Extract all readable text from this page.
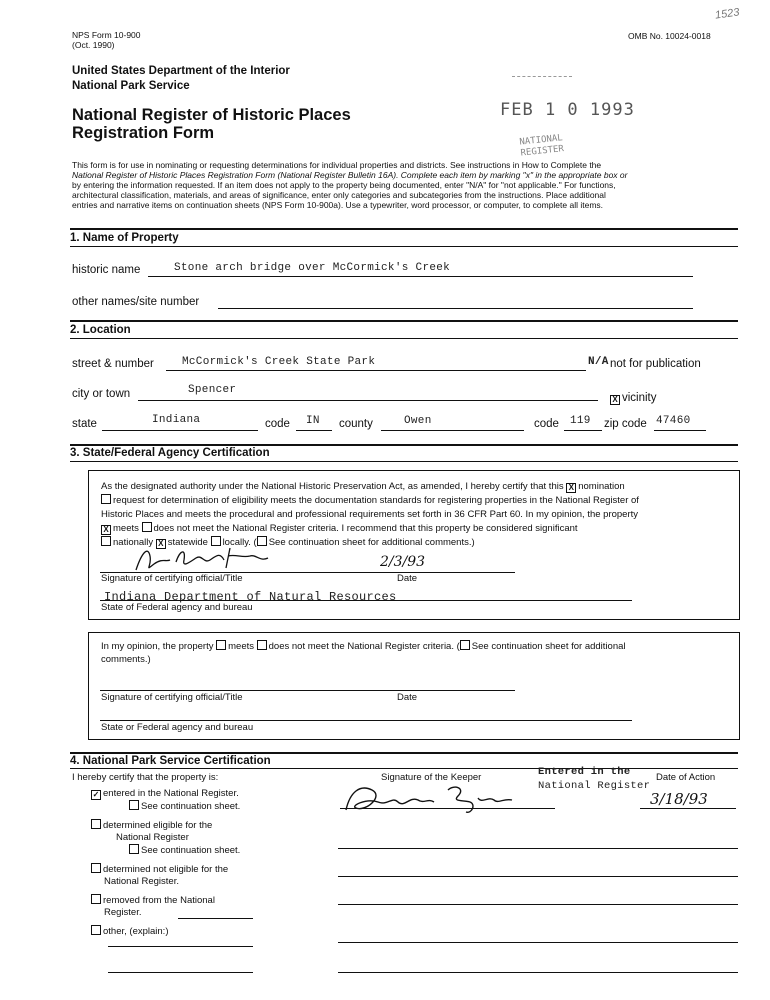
NPS Form 10-900
(Oct. 1990)
OMB No. 10024-0018
1523
United States Department of the Interior
National Park Service
National Register of Historic Places
Registration Form
FEB 1 0 1993
NATIONAL REGISTER
This form is for use in nominating or requesting determinations for individual properties and districts. See instructions in How to Complete the
National Register of Historic Places Registration Form (National Register Bulletin 16A). Complete each item by marking "x" in the appropriate box or
by entering the information requested. If an item does not apply to the property being documented, enter "N/A" for "not applicable." For functions,
architectural classification, materials, and areas of significance, enter only categories and subcategories from the instructions. Place additional
entries and narrative items on continuation sheets (NPS Form 10-900a). Use a typewriter, word processor, or computer, to complete all items.
1. Name of Property
historic name	Stone arch bridge over McCormick's Creek
other names/site number
2. Location
street & number	McCormick's Creek State Park	N/A not for publication
city or town	Spencer
X vicinity
state	Indiana	code IN county	Owen	code 119 zip code 47460
3. State/Federal Agency Certification
As the designated authority under the National Historic Preservation Act, as amended, I hereby certify that this X nomination
request for determination of eligibility meets the documentation standards for registering properties in the National Register of
Historic Places and meets the procedural and professional requirements set forth in 36 CFR Part 60. In my opinion, the property
X meets does not meet the National Register criteria. I recommend that this property be considered significant
nationally X statewide locally. ( See continuation sheet for additional comments.)
2/3/93
Signature of certifying official/Title	Date
Indiana Department of Natural Resources
State of Federal agency and bureau
In my opinion, the property meets does not meet the National Register criteria. ( See continuation sheet for additional
comments.)
Signature of certifying official/Title	Date
State or Federal agency and bureau
4. National Park Service Certification
I hereby certify that the property is:	Signature of the Keeper	Date of Action
Entered in the
National Register
3/18/93
✓ entered in the National Register.
See continuation sheet.
determined eligible for the
National Register
See continuation sheet.
determined not eligible for the
National Register.
removed from the National
Register.
other, (explain:)
